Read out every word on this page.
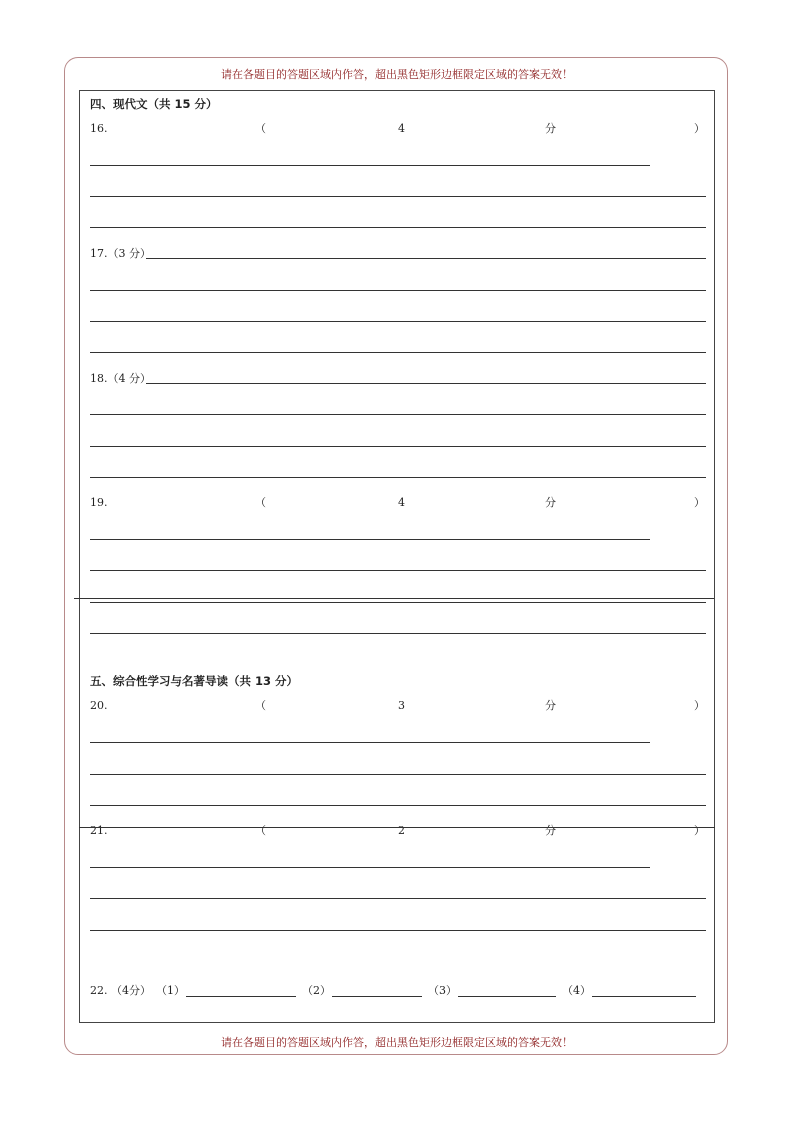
请在各题目的答题区域内作答，超出黑色矩形边框限定区域的答案无效！
四、现代文（共 15 分）
16.	（	4	分	）
17.（3 分）
18.（4 分）
19.	（	4	分	）
五、综合性学习与名著导读（共 13 分）
20.	（	3	分	）
21.	（	2	分	）
22. （4分） （1）	（2）	（3）	（4）
请在各题目的答题区域内作答，超出黑色矩形边框限定区域的答案无效！
